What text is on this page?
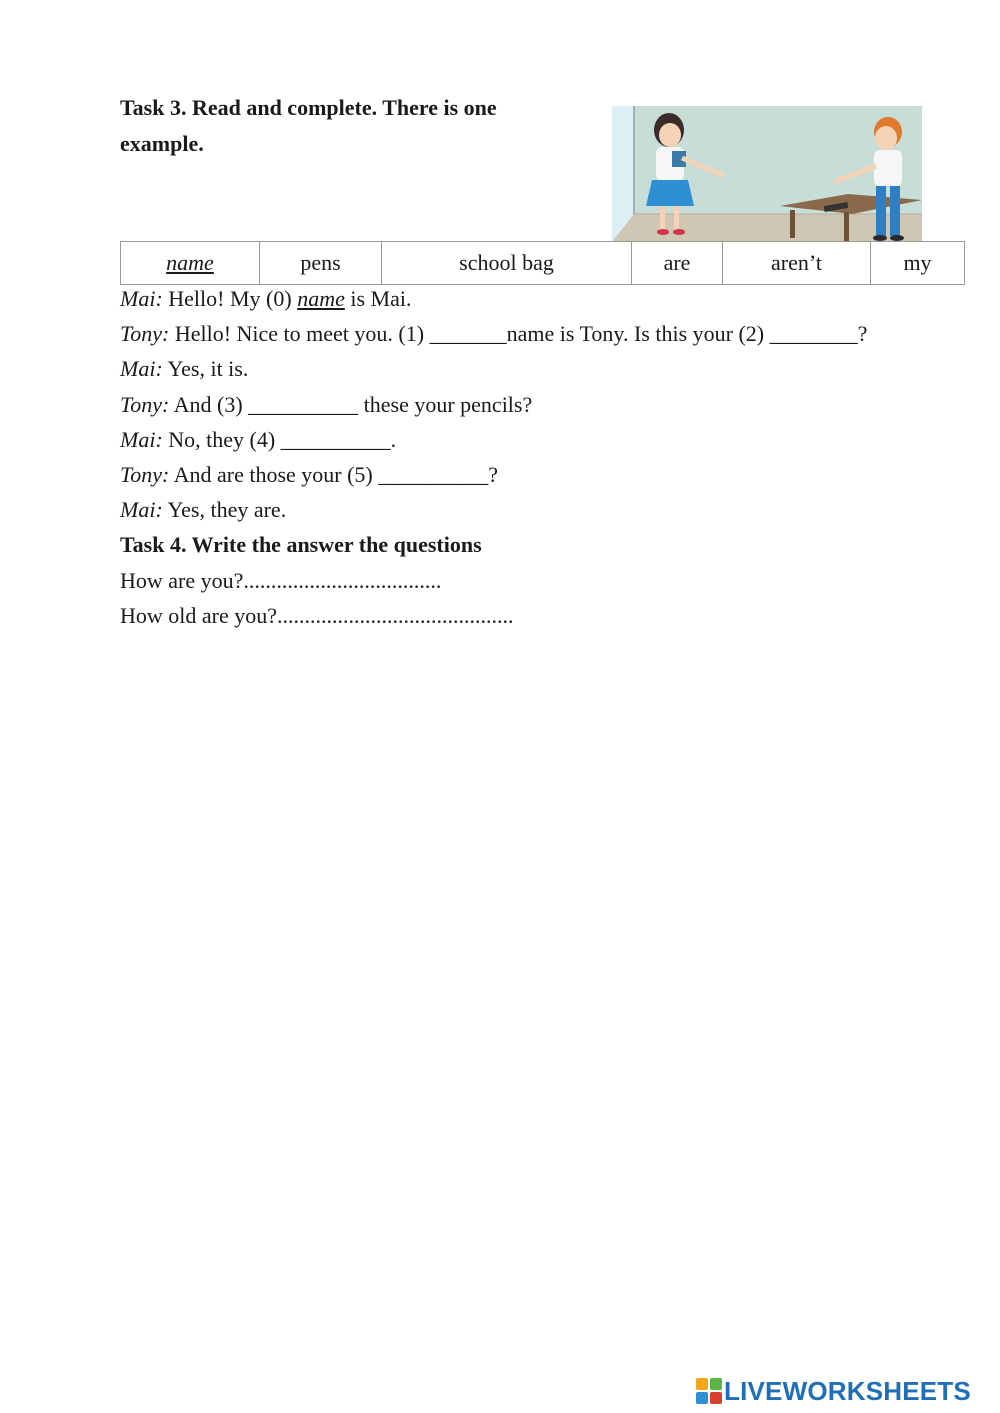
Task 3. Read and complete. There is one example.
name	pens	school bag	are	aren’t	my
Mai: Hello! My (0) name is Mai.
Tony: Hello! Nice to meet you. (1) _______name is Tony. Is this your (2) ________?
Mai: Yes, it is.
Tony: And (3) __________ these your pencils?
Mai: No, they (4) __________.
Tony: And are those your (5) __________?
Mai: Yes, they are.
Task 4. Write the answer the questions
How are you?....................................
How old are you?...........................................
LIVEWORKSHEETS
